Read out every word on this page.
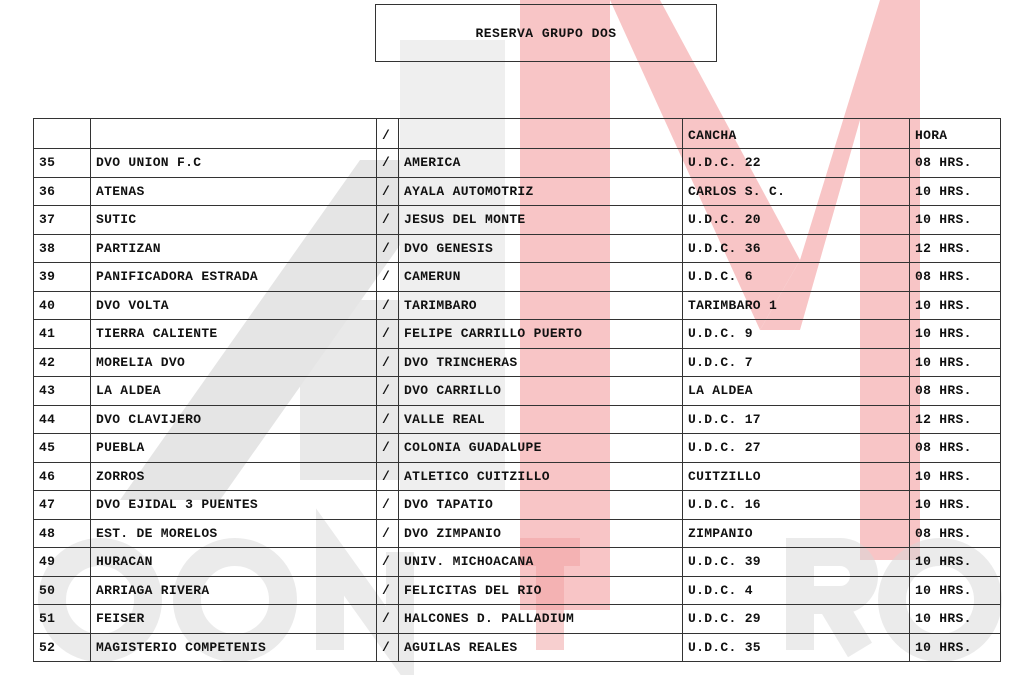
RESERVA GRUPO DOS
		/		CANCHA	HORA
35	DVO UNION F.C	/	AMERICA	U.D.C. 22	08 HRS.
36	ATENAS	/	AYALA AUTOMOTRIZ	CARLOS S. C.	10 HRS.
37	SUTIC	/	JESUS DEL MONTE	U.D.C. 20	10 HRS.
38	PARTIZAN	/	DVO GENESIS	U.D.C. 36	12 HRS.
39	PANIFICADORA ESTRADA	/	CAMERUN	U.D.C. 6	08 HRS.
40	DVO VOLTA	/	TARIMBARO	TARIMBARO 1	10 HRS.
41	TIERRA CALIENTE	/	FELIPE CARRILLO PUERTO	U.D.C. 9	10 HRS.
42	MORELIA DVO	/	DVO TRINCHERAS	U.D.C. 7	10 HRS.
43	LA ALDEA	/	DVO CARRILLO	LA ALDEA	08 HRS.
44	DVO CLAVIJERO	/	VALLE REAL	U.D.C. 17	12 HRS.
45	PUEBLA	/	COLONIA GUADALUPE	U.D.C. 27	08 HRS.
46	ZORROS	/	ATLETICO CUITZILLO	CUITZILLO	10 HRS.
47	DVO EJIDAL 3 PUENTES	/	DVO TAPATIO	U.D.C. 16	10 HRS.
48	EST. DE MORELOS	/	DVO ZIMPANIO	ZIMPANIO	08 HRS.
49	HURACAN	/	UNIV. MICHOACANA	U.D.C. 39	10 HRS.
50	ARRIAGA RIVERA	/	FELICITAS DEL RIO	U.D.C. 4	10 HRS.
51	FEISER	/	HALCONES D. PALLADIUM	U.D.C. 29	10 HRS.
52	MAGISTERIO COMPETENIS	/	AGUILAS REALES	U.D.C. 35	10 HRS.
